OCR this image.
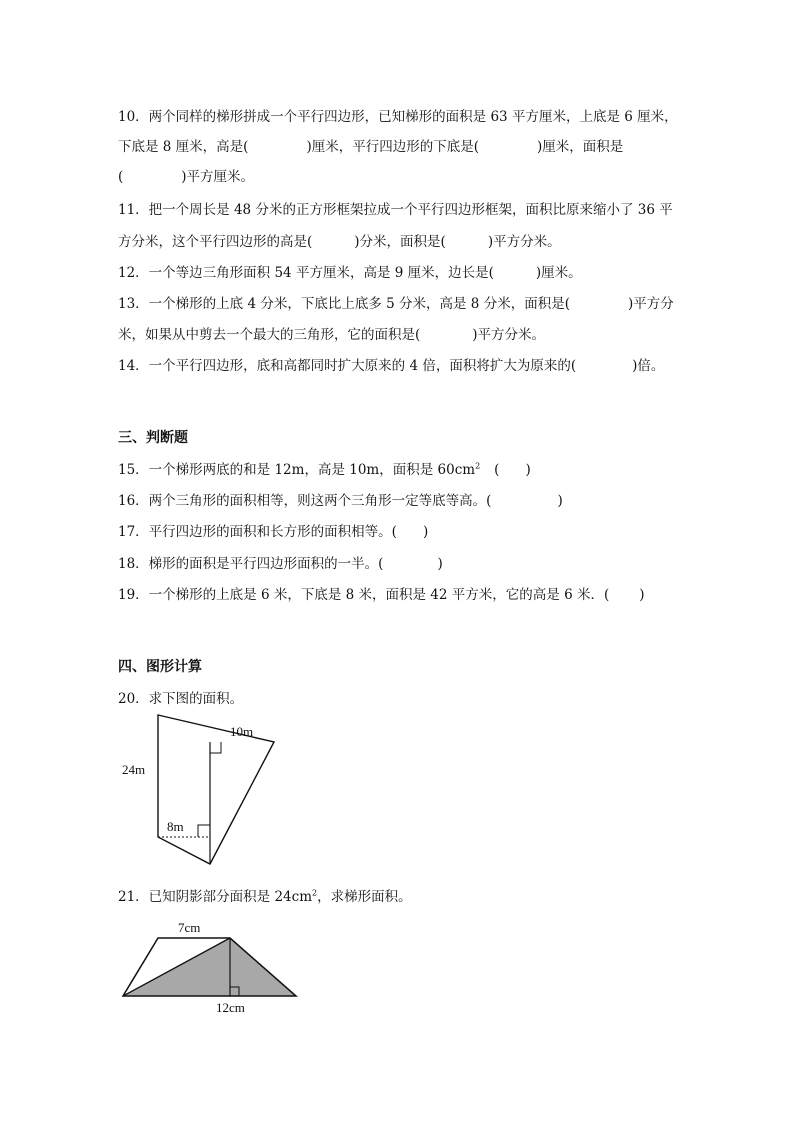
10．两个同样的梯形拼成一个平行四边形，已知梯形的面积是 63 平方厘米，上底是 6 厘米，
下底是 8 厘米，高是(	)厘米，平行四边形的下底是(	)厘米，面积是
(	)平方厘米。
11．把一个周长是 48 分米的正方形框架拉成一个平行四边形框架，面积比原来缩小了 36 平
方分米，这个平行四边形的高是(	)分米，面积是(	)平方分米。
12．一个等边三角形面积 54 平方厘米，高是 9 厘米，边长是(	)厘米。
13．一个梯形的上底 4 分米，下底比上底多 5 分米，高是 8 分米，面积是(	)平方分
米，如果从中剪去一个最大的三角形，它的面积是(	)平方分米。
14．一个平行四边形，底和高都同时扩大原来的 4 倍，面积将扩大为原来的(	)倍。
三、判断题
15．一个梯形两底的和是 12m，高是 10m，面积是 $60cm^2$ ( )
16．两个三角形的面积相等，则这两个三角形一定等底等高。(	)
17．平行四边形的面积和长方形的面积相等。( )
18．梯形的面积是平行四边形面积的一半。(	)
19．一个梯形的上底是 6 米，下底是 8 米，面积是 42 平方米，它的高是 6 米．( )
四、图形计算
20．求下图的面积。
10m
24m
8m
21．已知阴影部分面积是 $24cm^2$，求梯形面积。
7cm
12cm
